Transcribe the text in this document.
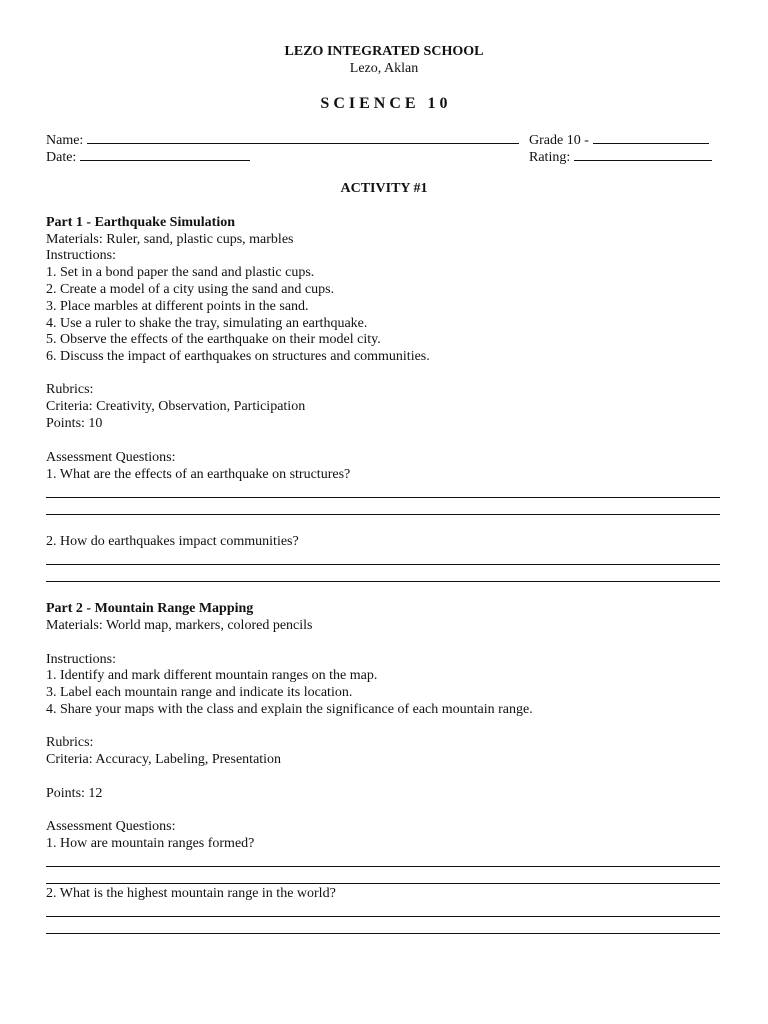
LEZO INTEGRATED SCHOOL
Lezo, Aklan
S C I E N C E   1 0
Name:	Grade 10 -
Date:	Rating:
ACTIVITY #1
Part 1 - Earthquake Simulation
Materials: Ruler, sand, plastic cups, marbles
Instructions:
1. Set in a bond paper the sand and plastic cups.
2. Create a model of a city using the sand and cups.
3. Place marbles at different points in the sand.
4. Use a ruler to shake the tray, simulating an earthquake.
5. Observe the effects of the earthquake on their model city.
6. Discuss the impact of earthquakes on structures and communities.
Rubrics:
Criteria: Creativity, Observation, Participation
Points: 10
Assessment Questions:
1. What are the effects of an earthquake on structures?
2. How do earthquakes impact communities?
Part 2 - Mountain Range Mapping
Materials: World map, markers, colored pencils
Instructions:
1. Identify and mark different mountain ranges on the map.
3. Label each mountain range and indicate its location.
4. Share your maps with the class and explain the significance of each mountain range.
Rubrics:
Criteria: Accuracy, Labeling, Presentation
Points: 12
Assessment Questions:
1. How are mountain ranges formed?
2. What is the highest mountain range in the world?
